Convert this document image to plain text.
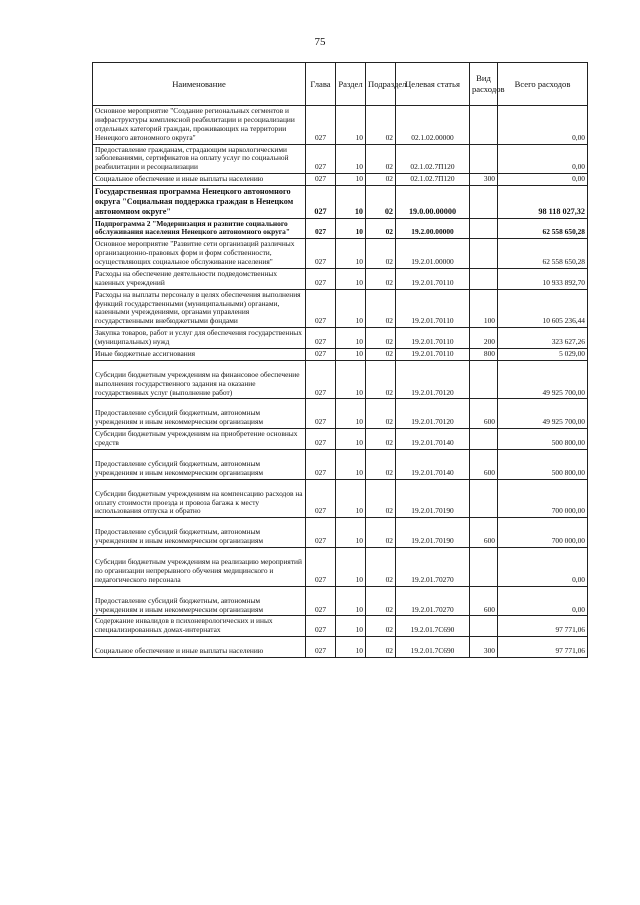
75
Наименование	Глава	Раздел	Подраздел	Целевая статья	Вид расходов	Всего расходов
Основное мероприятие "Создание региональных сегментов и инфраструктуры комплексной реабилитации и ресоциализации отдельных категорий граждан, проживающих на территории Ненецкого автономного округа"	027	10	02	02.1.02.00000		0,00
Предоставление гражданам, страдающим наркологическими заболеваниями, сертификатов на оплату услуг по социальной реабилитации и ресоциализации	027	10	02	02.1.02.7П120		0,00
Социальное обеспечение и иные выплаты населению	027	10	02	02.1.02.7П120	300	0,00
Государственная программа Ненецкого автономного округа "Социальная поддержка граждан в Ненецком автономном округе"	027	10	02	19.0.00.00000		98 118 027,32
Подпрограмма 2 "Модернизация и развитие социального обслуживания населения Ненецкого автономного округа"	027	10	02	19.2.00.00000		62 558 650,28
Основное мероприятие "Развитие сети организаций различных организационно-правовых форм и форм собственности, осуществляющих социальное обслуживание населения"	027	10	02	19.2.01.00000		62 558 650,28
Расходы на обеспечение деятельности подведомственных казенных учреждений	027	10	02	19.2.01.70110		10 933 892,70
Расходы на выплаты персоналу в целях обеспечения выполнения функций государственными (муниципальными) органами, казенными учреждениями, органами управления государственными внебюджетными фондами	027	10	02	19.2.01.70110	100	10 605 236,44
Закупка товаров, работ и услуг для обеспечения государственных (муниципальных) нужд	027	10	02	19.2.01.70110	200	323 627,26
Иные бюджетные ассигнования	027	10	02	19.2.01.70110	800	5 029,00
Субсидии бюджетным учреждениям на финансовое обеспечение выполнения государственного задания на оказание государственных услуг (выполнение работ)	027	10	02	19.2.01.70120		49 925 700,00
Предоставление субсидий бюджетным, автономным учреждениям и иным некоммерческим организациям	027	10	02	19.2.01.70120	600	49 925 700,00
Субсидии бюджетным учреждениям на приобретение основных средств	027	10	02	19.2.01.70140		500 800,00
Предоставление субсидий бюджетным, автономным учреждениям и иным некоммерческим организациям	027	10	02	19.2.01.70140	600	500 800,00
Субсидии бюджетным учреждениям на компенсацию расходов на оплату стоимости проезда и провоза багажа к месту использования отпуска и обратно	027	10	02	19.2.01.70190		700 000,00
Предоставление субсидий бюджетным, автономным учреждениям и иным некоммерческим организациям	027	10	02	19.2.01.70190	600	700 000,00
Субсидии бюджетным учреждениям на реализацию мероприятий по организации непрерывного обучения медицинского и педагогического персонала	027	10	02	19.2.01.70270		0,00
Предоставление субсидий бюджетным, автономным учреждениям и иным некоммерческим организациям	027	10	02	19.2.01.70270	600	0,00
Содержание инвалидов в психоневрологических и иных специализированных домах-интернатах	027	10	02	19.2.01.7С690		97 771,06
Социальное обеспечение и иные выплаты населению	027	10	02	19.2.01.7С690	300	97 771,06
